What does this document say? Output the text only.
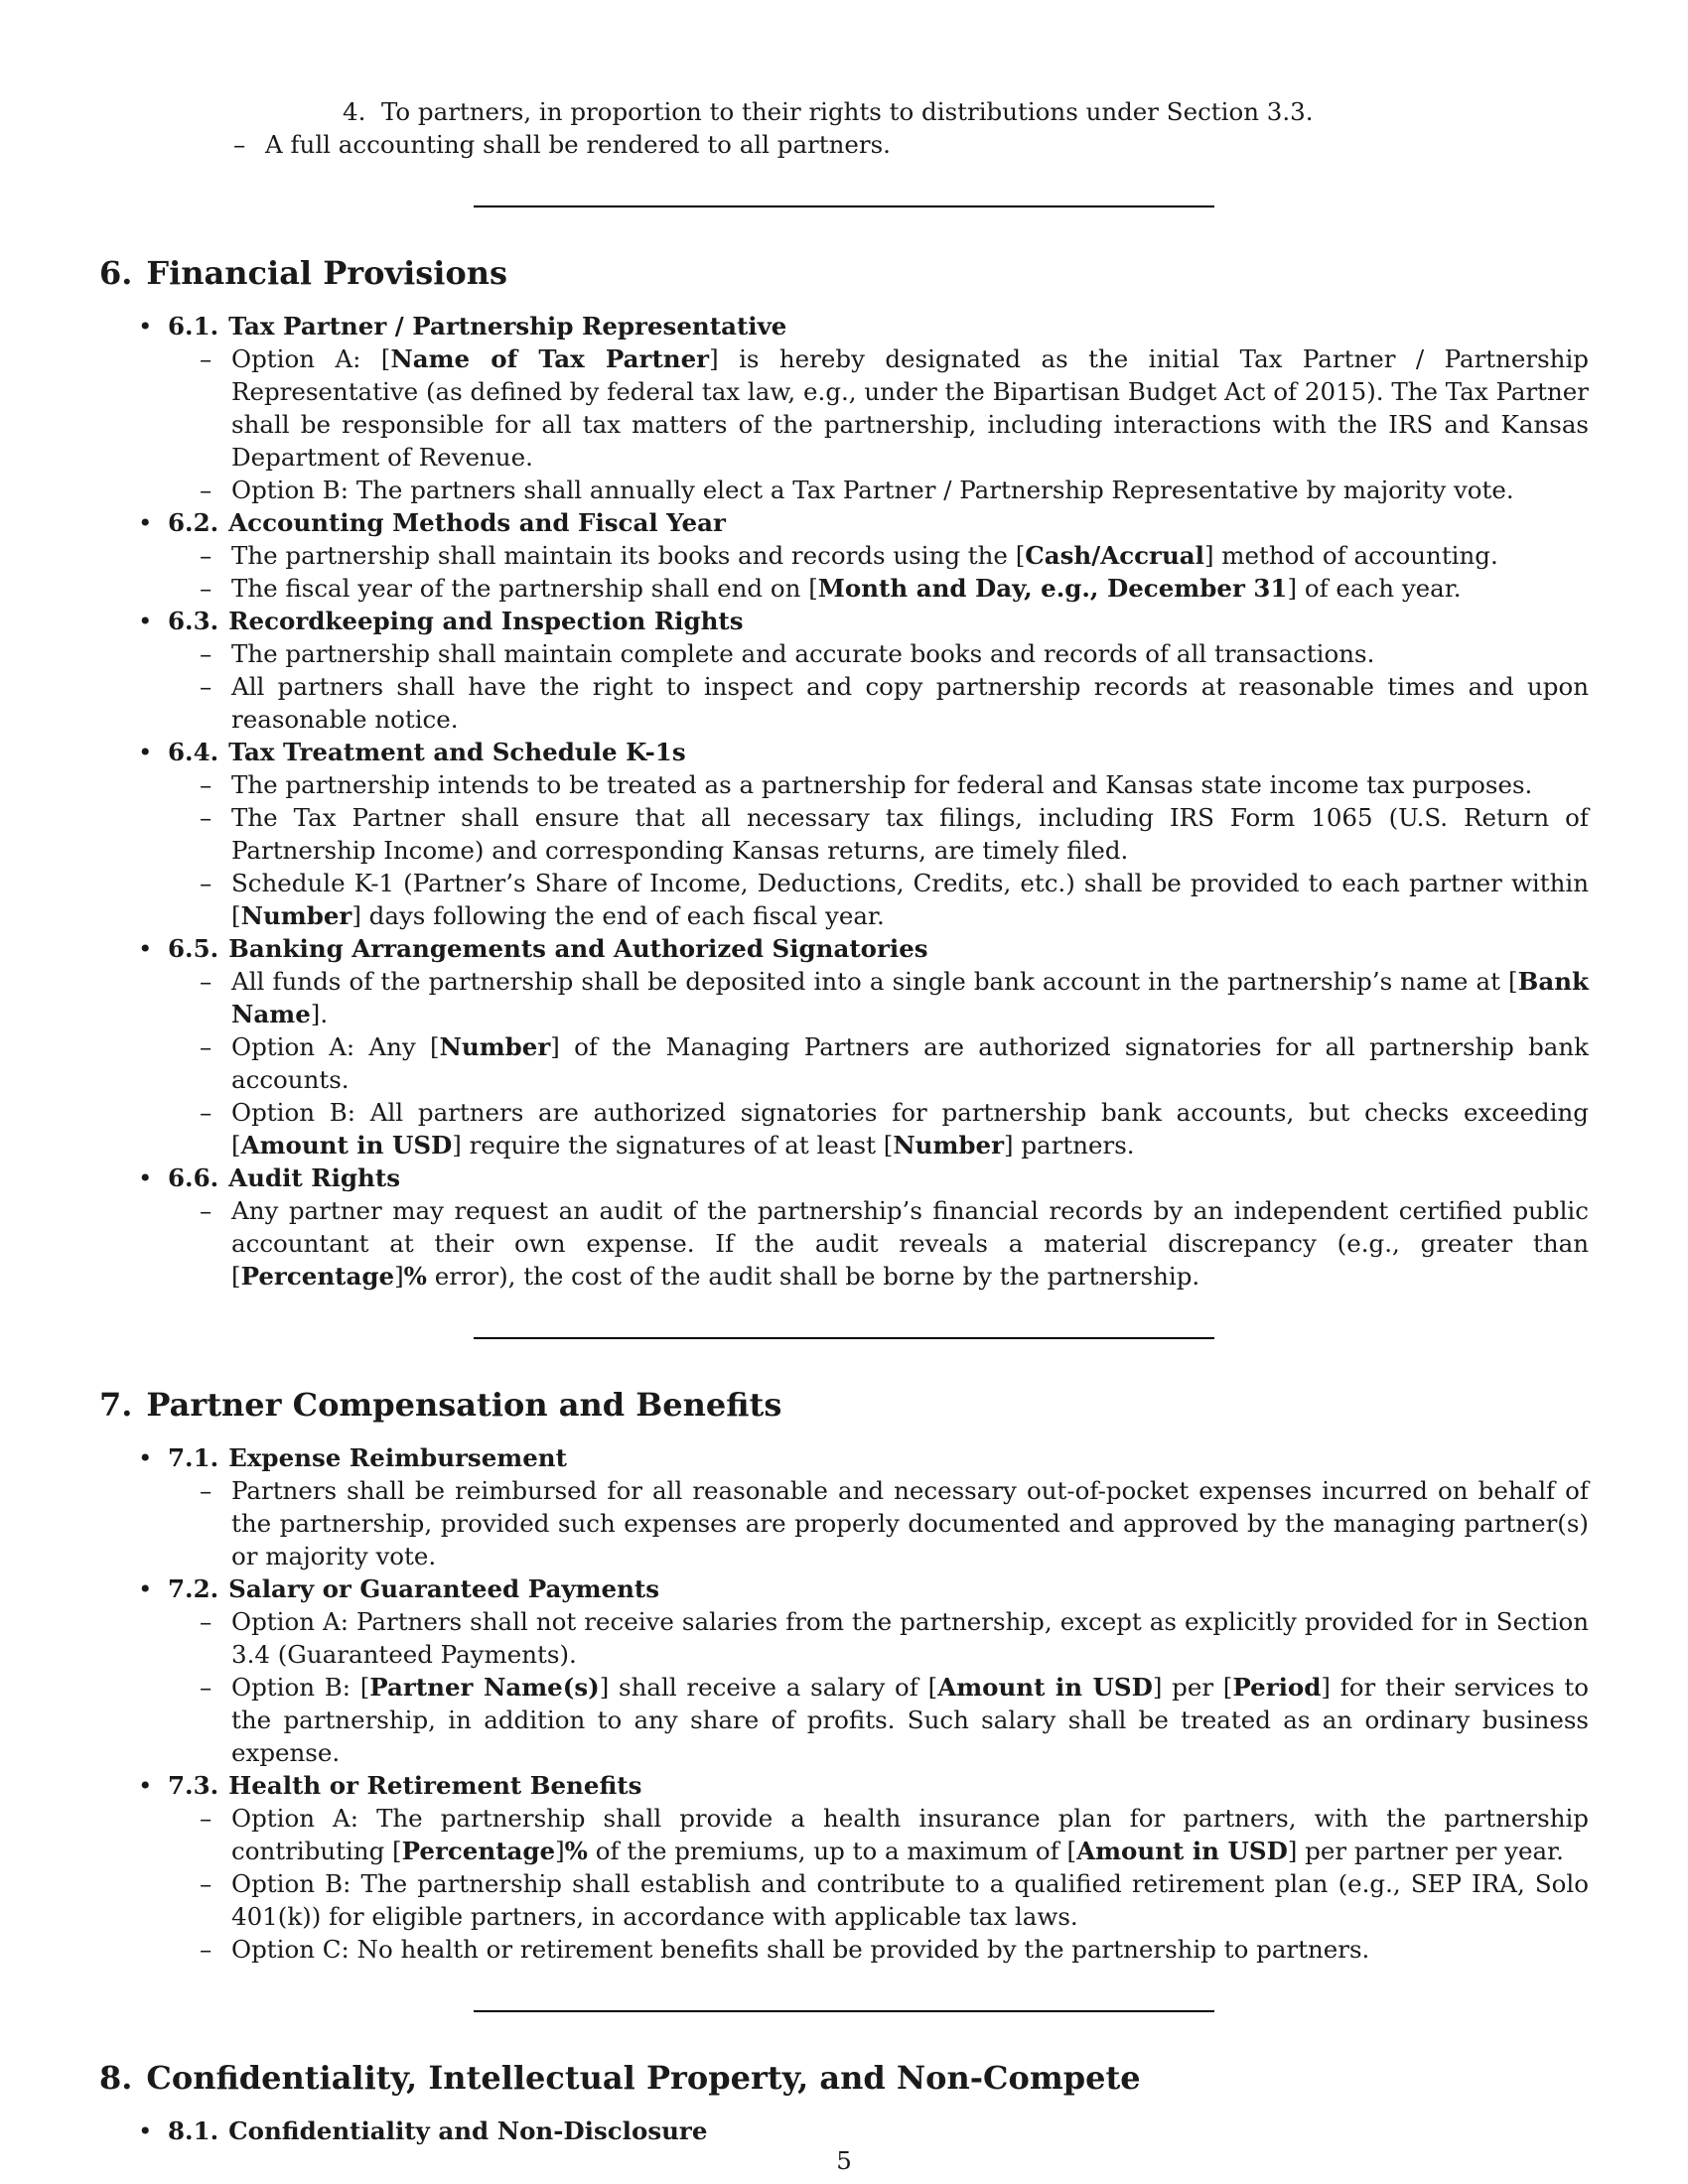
4.  To partners, in proportion to their rights to distributions under Section 3.3.

– A full accounting shall be rendered to all partners.
6. Financial Provisions
• 6.1. Tax Partner / Partnership Representative
– Option A: [Name of Tax Partner] is hereby designated as the initial Tax Partner / Partnership Representative (as defined by federal tax law, e.g., under the Bipartisan Budget Act of 2015). The Tax Partner shall be responsible for all tax matters of the partnership, including interactions with the IRS and Kansas Department of Revenue.
– Option B: The partners shall annually elect a Tax Partner / Partnership Representative by majority vote.
• 6.2. Accounting Methods and Fiscal Year
– The partnership shall maintain its books and records using the [Cash/Accrual] method of accounting.
– The fiscal year of the partnership shall end on [Month and Day, e.g., December 31] of each year.
• 6.3. Recordkeeping and Inspection Rights
– The partnership shall maintain complete and accurate books and records of all transactions.
– All partners shall have the right to inspect and copy partnership records at reasonable times and upon reasonable notice.
• 6.4. Tax Treatment and Schedule K-1s
– The partnership intends to be treated as a partnership for federal and Kansas state income tax purposes.
– The Tax Partner shall ensure that all necessary tax filings, including IRS Form 1065 (U.S. Return of Partnership Income) and corresponding Kansas returns, are timely filed.
– Schedule K-1 (Partner’s Share of Income, Deductions, Credits, etc.) shall be provided to each partner within [Number] days following the end of each fiscal year.
• 6.5. Banking Arrangements and Authorized Signatories
– All funds of the partnership shall be deposited into a single bank account in the partnership’s name at [Bank Name].
– Option A: Any [Number] of the Managing Partners are authorized signatories for all partnership bank accounts.
– Option B: All partners are authorized signatories for partnership bank accounts, but checks exceeding [Amount in USD] require the signatures of at least [Number] partners.
• 6.6. Audit Rights
– Any partner may request an audit of the partnership’s financial records by an independent certified public accountant at their own expense. If the audit reveals a material discrepancy (e.g., greater than [Percentage]% error), the cost of the audit shall be borne by the partnership.
7. Partner Compensation and Benefits
• 7.1. Expense Reimbursement
– Partners shall be reimbursed for all reasonable and necessary out-of-pocket expenses incurred on behalf of the partnership, provided such expenses are properly documented and approved by the managing partner(s) or majority vote.
• 7.2. Salary or Guaranteed Payments
– Option A: Partners shall not receive salaries from the partnership, except as explicitly provided for in Section 3.4 (Guaranteed Payments).
– Option B: [Partner Name(s)] shall receive a salary of [Amount in USD] per [Period] for their services to the partnership, in addition to any share of profits. Such salary shall be treated as an ordinary business expense.
• 7.3. Health or Retirement Benefits
– Option A: The partnership shall provide a health insurance plan for partners, with the partnership contributing [Percentage]% of the premiums, up to a maximum of [Amount in USD] per partner per year.
– Option B: The partnership shall establish and contribute to a qualified retirement plan (e.g., SEP IRA, Solo 401(k)) for eligible partners, in accordance with applicable tax laws.
– Option C: No health or retirement benefits shall be provided by the partnership to partners.
8. Confidentiality, Intellectual Property, and Non-Compete
• 8.1. Confidentiality and Non-Disclosure
5
